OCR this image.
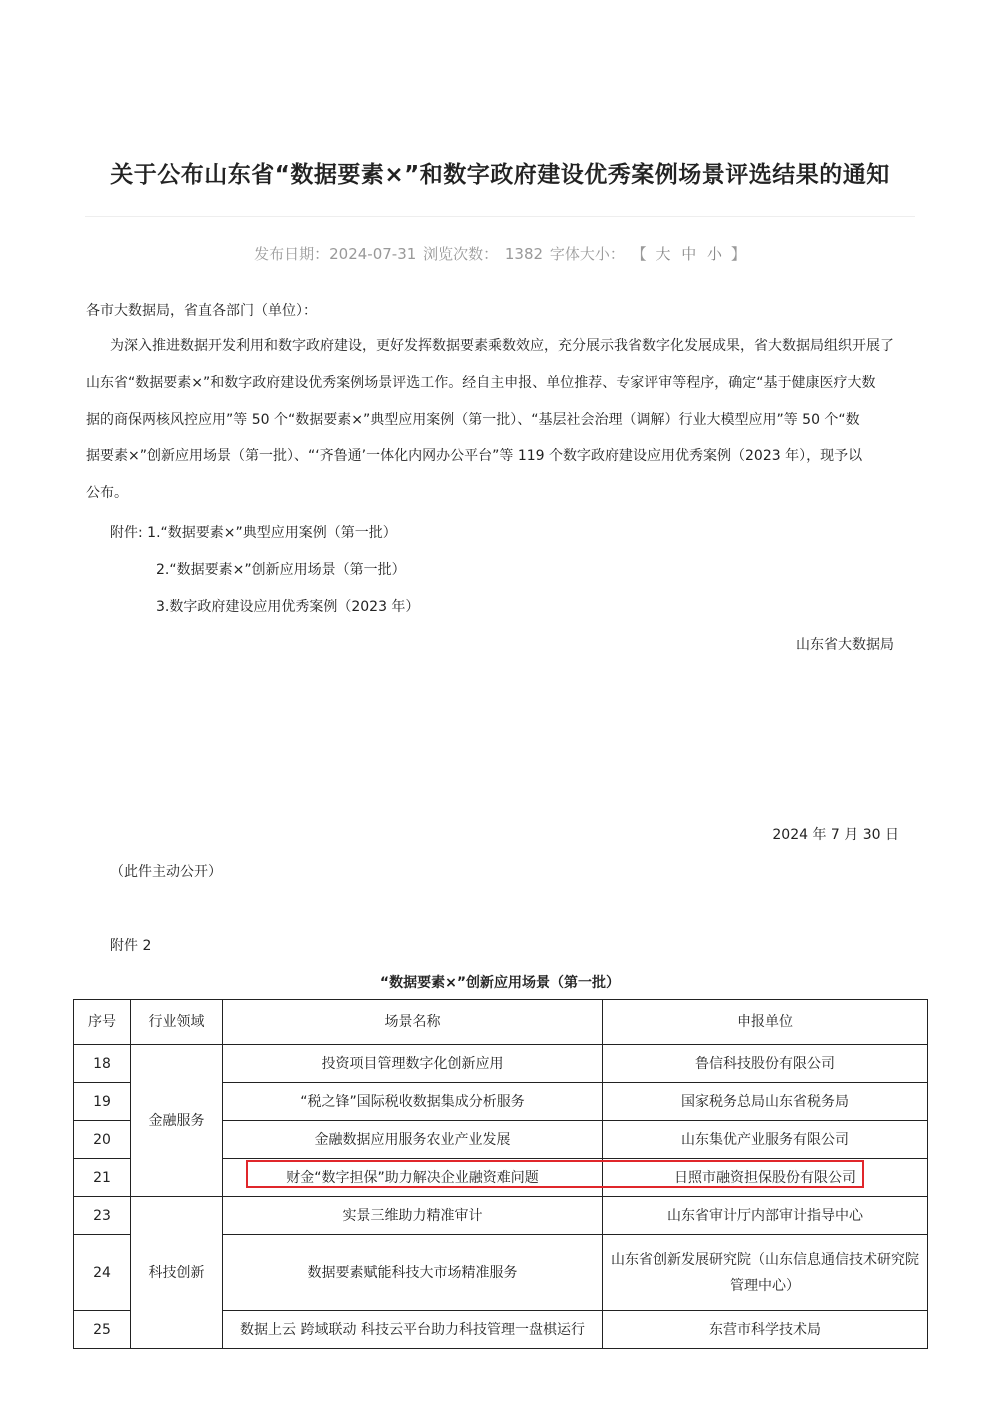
关于公布山东省“数据要素×”和数字政府建设优秀案例场景评选结果的通知
发布日期：2024-07-31 浏览次数： 1382 字体大小： 【 大 中 小 】
各市大数据局，省直各部门（单位）：
为深入推进数据开发利用和数字政府建设，更好发挥数据要素乘数效应，充分展示我省数字化发展成果，省大数据局组织开展了
山东省“数据要素×”和数字政府建设优秀案例场景评选工作。经自主申报、单位推荐、专家评审等程序，确定“基于健康医疗大数
据的商保两核风控应用”等 50 个“数据要素×”典型应用案例（第一批）、“基层社会治理（调解）行业大模型应用”等 50 个“数
据要素×”创新应用场景（第一批）、“‘齐鲁通’一体化内网办公平台”等 119 个数字政府建设应用优秀案例（2023 年），现予以
公布。
附件: 1.“数据要素×”典型应用案例（第一批）
2.“数据要素×”创新应用场景（第一批）
3.数字政府建设应用优秀案例（2023 年）
山东省大数据局
2024 年 7 月 30 日
（此件主动公开）
附件 2
“数据要素×”创新应用场景（第一批）
序号	行业领域	场景名称	申报单位
18	金融服务	投资项目管理数字化创新应用	鲁信科技股份有限公司
19		“税之锋”国际税收数据集成分析服务	国家税务总局山东省税务局
20		金融数据应用服务农业产业发展	山东集优产业服务有限公司
21		财金“数字担保”助力解决企业融资难问题	日照市融资担保股份有限公司
23	科技创新	实景三维助力精准审计	山东省审计厅内部审计指导中心
24		数据要素赋能科技大市场精准服务	山东省创新发展研究院（山东信息通信技术研究院
管理中心）

25		数据上云 跨域联动 科技云平台助力科技管理一盘棋运行	东营市科学技术局
